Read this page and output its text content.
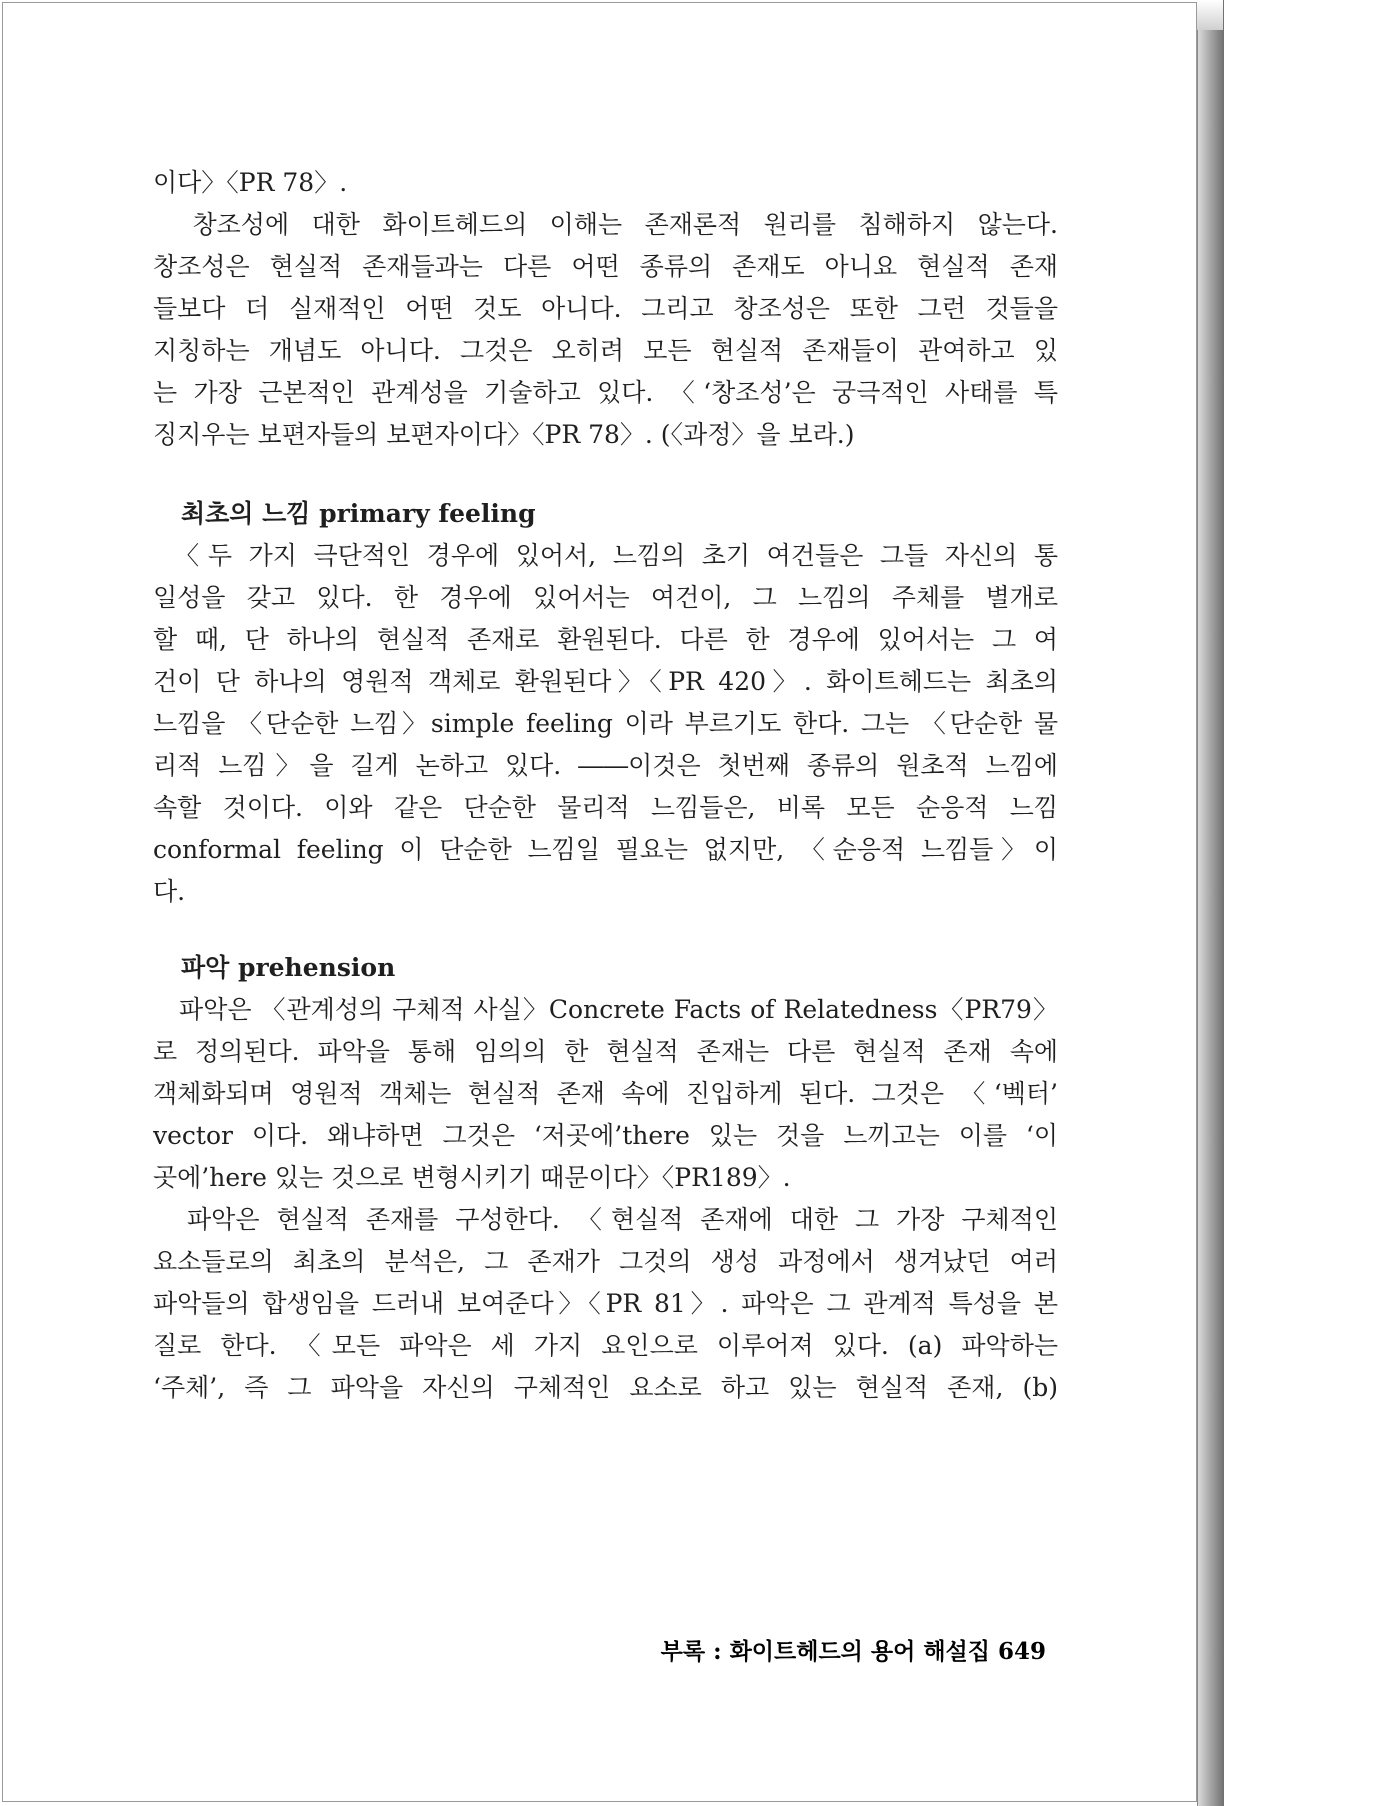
이다〉〈PR 78〉.
　창조성에 대한 화이트헤드의 이해는 존재론적 원리를 침해하지 않는다.
창조성은 현실적 존재들과는 다른 어떤 종류의 존재도 아니요 현실적 존재
들보다 더 실재적인 어떤 것도 아니다. 그리고 창조성은 또한 그런 것들을
지칭하는 개념도 아니다. 그것은 오히려 모든 현실적 존재들이 관여하고 있
는 가장 근본적인 관계성을 기술하고 있다. 〈‘창조성’은 궁극적인 사태를 특
징지우는 보편자들의 보편자이다〉〈PR 78〉. (〈과정〉을 보라.)
최초의 느낌 primary feeling
　〈두 가지 극단적인 경우에 있어서, 느낌의 초기 여건들은 그들 자신의 통
일성을 갖고 있다. 한 경우에 있어서는 여건이, 그 느낌의 주체를 별개로
할 때, 단 하나의 현실적 존재로 환원된다. 다른 한 경우에 있어서는 그 여
건이 단 하나의 영원적 객체로 환원된다〉〈PR 420〉. 화이트헤드는 최초의
느낌을 〈단순한 느낌〉simple feeling 이라 부르기도 한다. 그는 〈단순한 물
리적 느낌〉을 길게 논하고 있다. ――이것은 첫번째 종류의 원초적 느낌에
속할 것이다. 이와 같은 단순한 물리적 느낌들은, 비록 모든 순응적 느낌
conformal feeling 이 단순한 느낌일 필요는 없지만, 〈순응적 느낌들〉이
다.
파악 prehension
　파악은 〈관계성의 구체적 사실〉Concrete Facts of Relatedness〈PR79〉
로 정의된다. 파악을 통해 임의의 한 현실적 존재는 다른 현실적 존재 속에
객체화되며 영원적 객체는 현실적 존재 속에 진입하게 된다. 그것은 〈‘벡터’
vector 이다. 왜냐하면 그것은 ‘저곳에’there 있는 것을 느끼고는 이를 ‘이
곳에’here 있는 것으로 변형시키기 때문이다〉〈PR189〉.
　파악은 현실적 존재를 구성한다. 〈현실적 존재에 대한 그 가장 구체적인
요소들로의 최초의 분석은, 그 존재가 그것의 생성 과정에서 생겨났던 여러
파악들의 합생임을 드러내 보여준다〉〈PR 81〉. 파악은 그 관계적 특성을 본
질로 한다. 〈모든 파악은 세 가지 요인으로 이루어져 있다. (a) 파악하는
‘주체’, 즉 그 파악을 자신의 구체적인 요소로 하고 있는 현실적 존재, (b)
부록 : 화이트헤드의 용어 해설집 649
